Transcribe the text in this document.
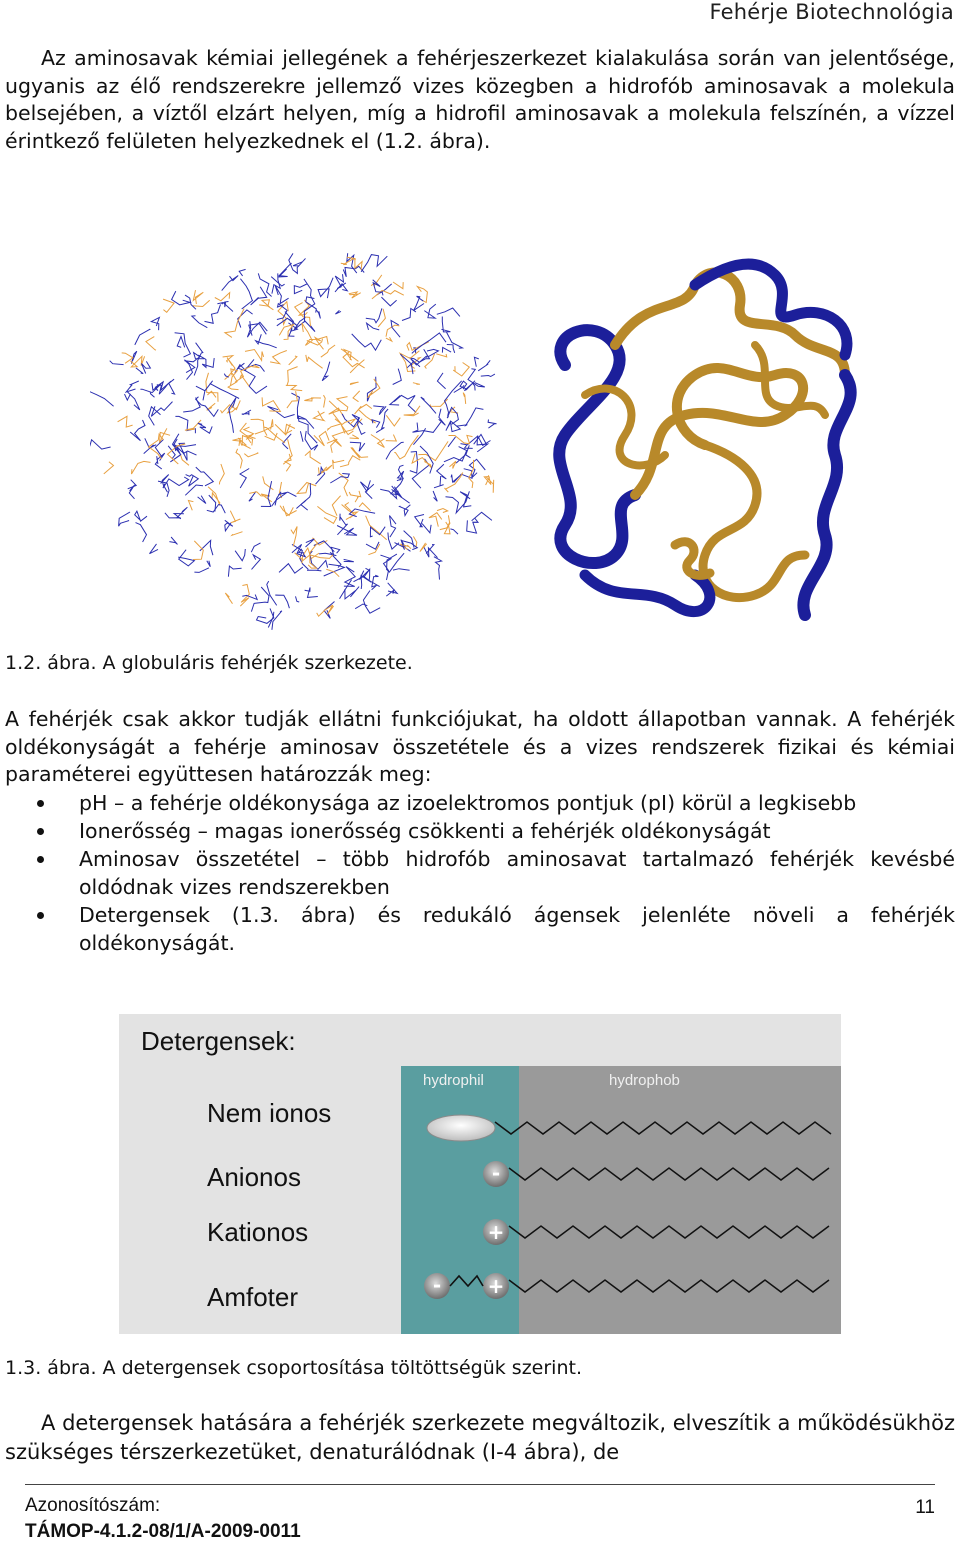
Fehérje Biotechnológia

Az aminosavak kémiai jellegének a fehérjeszerkezet kialakulása során van jelentősége, ugyanis az élő rendszerekre jellemző vizes közegben a hidrofób aminosavak a molekula belsejében, a víztől elzárt helyen, míg a hidrofil aminosavak a molekula felszínén, a vízzel érintkező felületen helyezkednek el (1.2. ábra).

1.2. ábra. A globuláris fehérjék szerkezete.

A fehérjék csak akkor tudják ellátni funkciójukat, ha oldott állapotban vannak. A fehérjék oldékonyságát a fehérje aminosav összetétele és a vizes rendszerek fizikai és kémiai paraméterei együttesen határozzák meg:

pH – a fehérje oldékonysága az izoelektromos pontjuk (pI) körül a legkisebb
Ionerősség – magas ionerősség csökkenti a fehérjék oldékonyságát
Aminosav összetétel – több hidrofób aminosavat tartalmazó fehérjék kevésbé oldódnak vizes rendszerekben
Detergensek (1.3. ábra) és redukáló ágensek jelenléte növeli a fehérjék oldékonyságát.
hydrophil	hydrophob
Detergensek:
Nem ionos
Anionos
Kationos
Amfoter
-
+
- +
1.3. ábra. A detergensek csoportosítása töltöttségük szerint.

A detergensek hatására a fehérjék szerkezete megváltozik, elveszítik a működésükhöz szükséges térszerkezetüket, denaturálódnak (I-4 ábra), de

Azonosítószám:
TÁMOP-4.1.2-08/1/A-2009-0011
11
